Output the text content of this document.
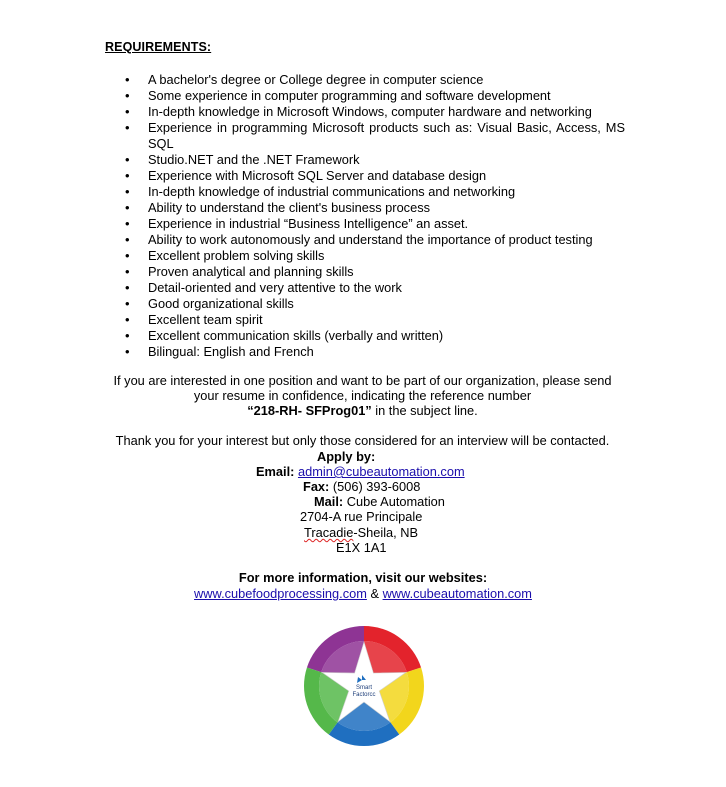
REQUIREMENTS:
• A bachelor's degree or College degree in computer science
• Some experience in computer programming and software development
• In-depth knowledge in Microsoft Windows, computer hardware and networking
• Experience in programming Microsoft products such as: Visual Basic, Access, MS SQL
• Studio.NET and the .NET Framework
• Experience with Microsoft SQL Server and database design
• In-depth knowledge of industrial communications and networking
• Ability to understand the client's business process
• Experience in industrial “Business Intelligence” an asset.
• Ability to work autonomously and understand the importance of product testing
• Excellent problem solving skills
• Proven analytical and planning skills
• Detail-oriented and very attentive to the work
• Good organizational skills
• Excellent team spirit
• Excellent communication skills (verbally and written)
• Bilingual: English and French
If you are interested in one position and want to be part of our organization, please send your resume in confidence, indicating the reference number
“218-RH- SFProg01” in the subject line.
Thank you for your interest but only those considered for an interview will be contacted.
Apply by:
Email: admin@cubeautomation.com
Fax: (506) 393-6008
Mail: Cube Automation
2704-A rue Principale
Tracadie-Sheila, NB
E1X 1A1
For more information, visit our websites:
www.cubefoodprocessing.com & www.cubeautomation.com
Smart
Factorcc
